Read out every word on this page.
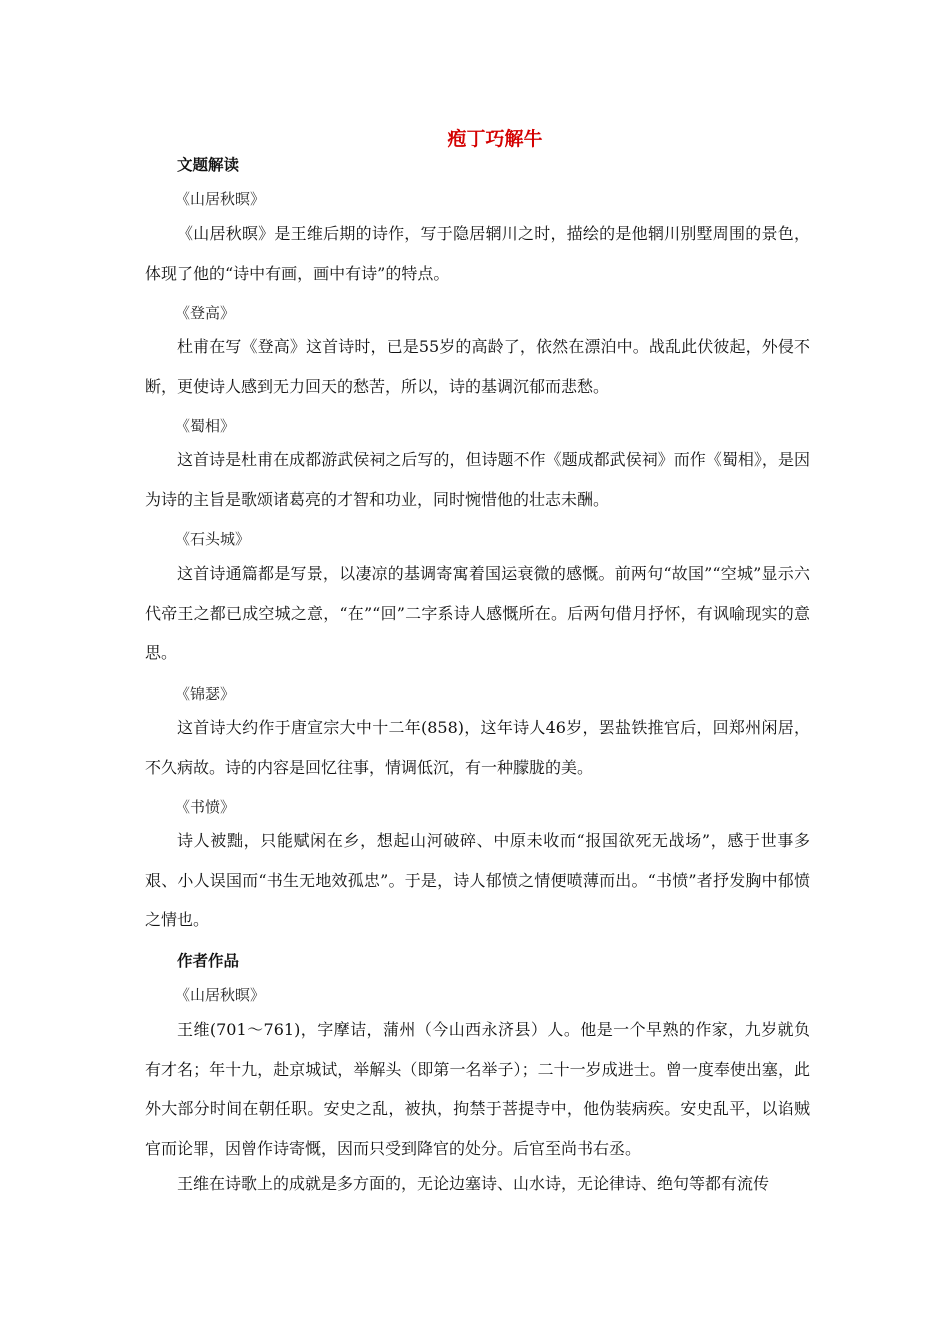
疱丁巧解牛
文题解读
《山居秋暝》
《山居秋暝》是王维后期的诗作，写于隐居辋川之时，描绘的是他辋川别墅周围的景色，体现了他的“诗中有画，画中有诗”的特点。
《登高》
杜甫在写《登高》这首诗时，已是55岁的高龄了，依然在漂泊中。战乱此伏彼起，外侵不断，更使诗人感到无力回天的愁苦，所以，诗的基调沉郁而悲愁。
《蜀相》
这首诗是杜甫在成都游武侯祠之后写的，但诗题不作《题成都武侯祠》而作《蜀相》，是因为诗的主旨是歌颂诸葛亮的才智和功业，同时惋惜他的壮志未酬。
《石头城》
这首诗通篇都是写景，以凄凉的基调寄寓着国运衰微的感慨。前两句“故国”“空城”显示六代帝王之都已成空城之意，“在”“回”二字系诗人感慨所在。后两句借月抒怀，有讽喻现实的意思。
《锦瑟》
这首诗大约作于唐宣宗大中十二年(858)，这年诗人46岁，罢盐铁推官后，回郑州闲居，不久病故。诗的内容是回忆往事，情调低沉，有一种朦胧的美。
《书愤》
诗人被黜，只能赋闲在乡，想起山河破碎、中原未收而“报国欲死无战场”，感于世事多艰、小人误国而“书生无地效孤忠”。于是，诗人郁愤之情便喷薄而出。“书愤”者抒发胸中郁愤之情也。
作者作品
《山居秋暝》
王维(701～761)，字摩诘，蒲州（今山西永济县）人。他是一个早熟的作家，九岁就负有才名；年十九，赴京城试，举解头（即第一名举子）；二十一岁成进士。曾一度奉使出塞，此外大部分时间在朝任职。安史之乱，被执，拘禁于菩提寺中，他伪装病疾。安史乱平，以谄贼官而论罪，因曾作诗寄慨，因而只受到降官的处分。后官至尚书右丞。
王维在诗歌上的成就是多方面的，无论边塞诗、山水诗，无论律诗、绝句等都有流传
